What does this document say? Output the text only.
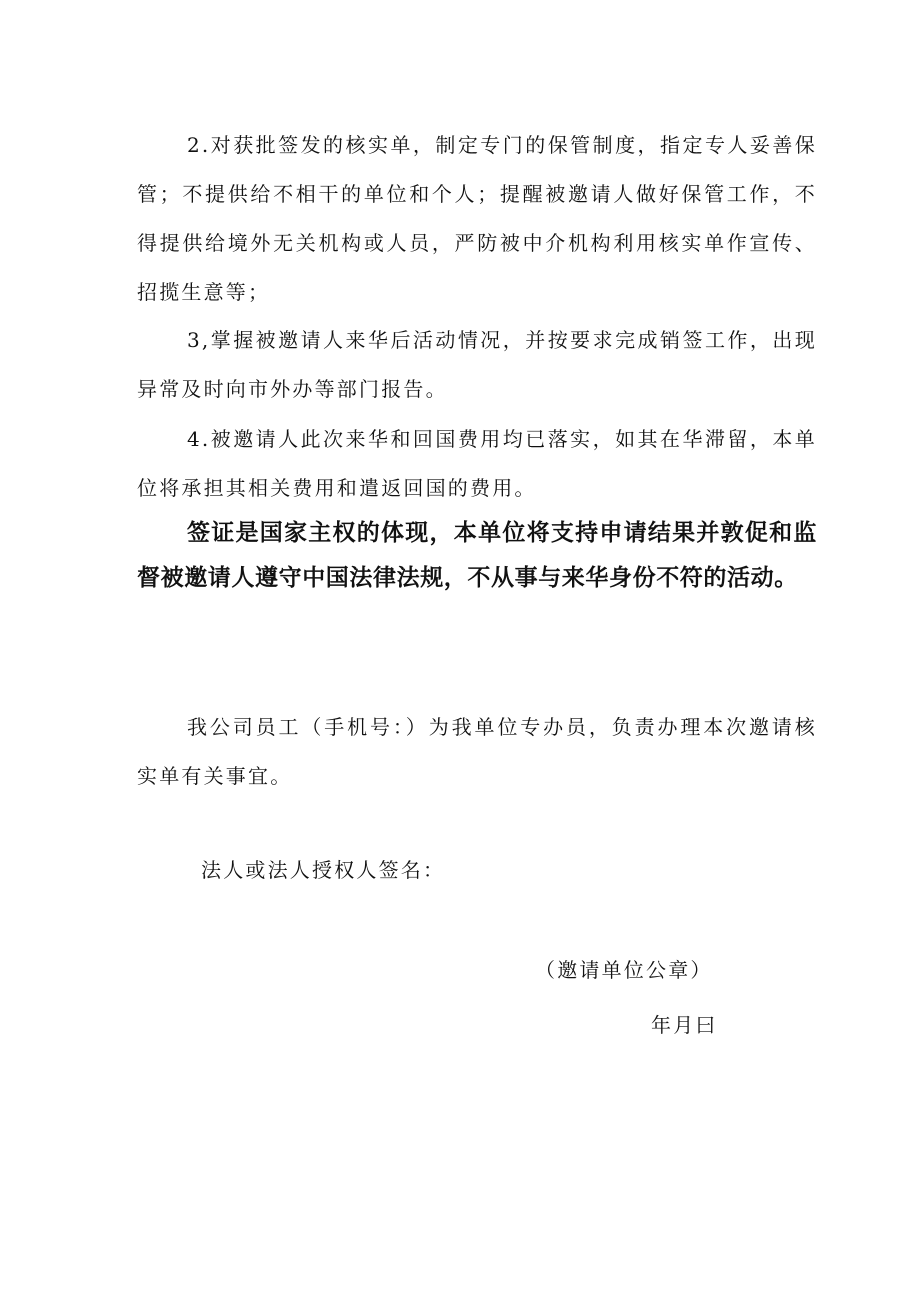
2.对获批签发的核实单，制定专门的保管制度，指定专人妥善保管；不提供给不相干的单位和个人；提醒被邀请人做好保管工作，不得提供给境外无关机构或人员，严防被中介机构利用核实单作宣传、招揽生意等；

3,掌握被邀请人来华后活动情况，并按要求完成销签工作，出现异常及时向市外办等部门报告。

4.被邀请人此次来华和回国费用均已落实，如其在华滞留，本单位将承担其相关费用和遣返回国的费用。

签证是国家主权的体现，本单位将支持申请结果并敦促和监督被邀请人遵守中国法律法规，不从事与来华身份不符的活动。

我公司员工（手机号：）为我单位专办员，负责办理本次邀请核实单有关事宜。

法人或法人授权人签名：
（邀请单位公章）
年月曰
